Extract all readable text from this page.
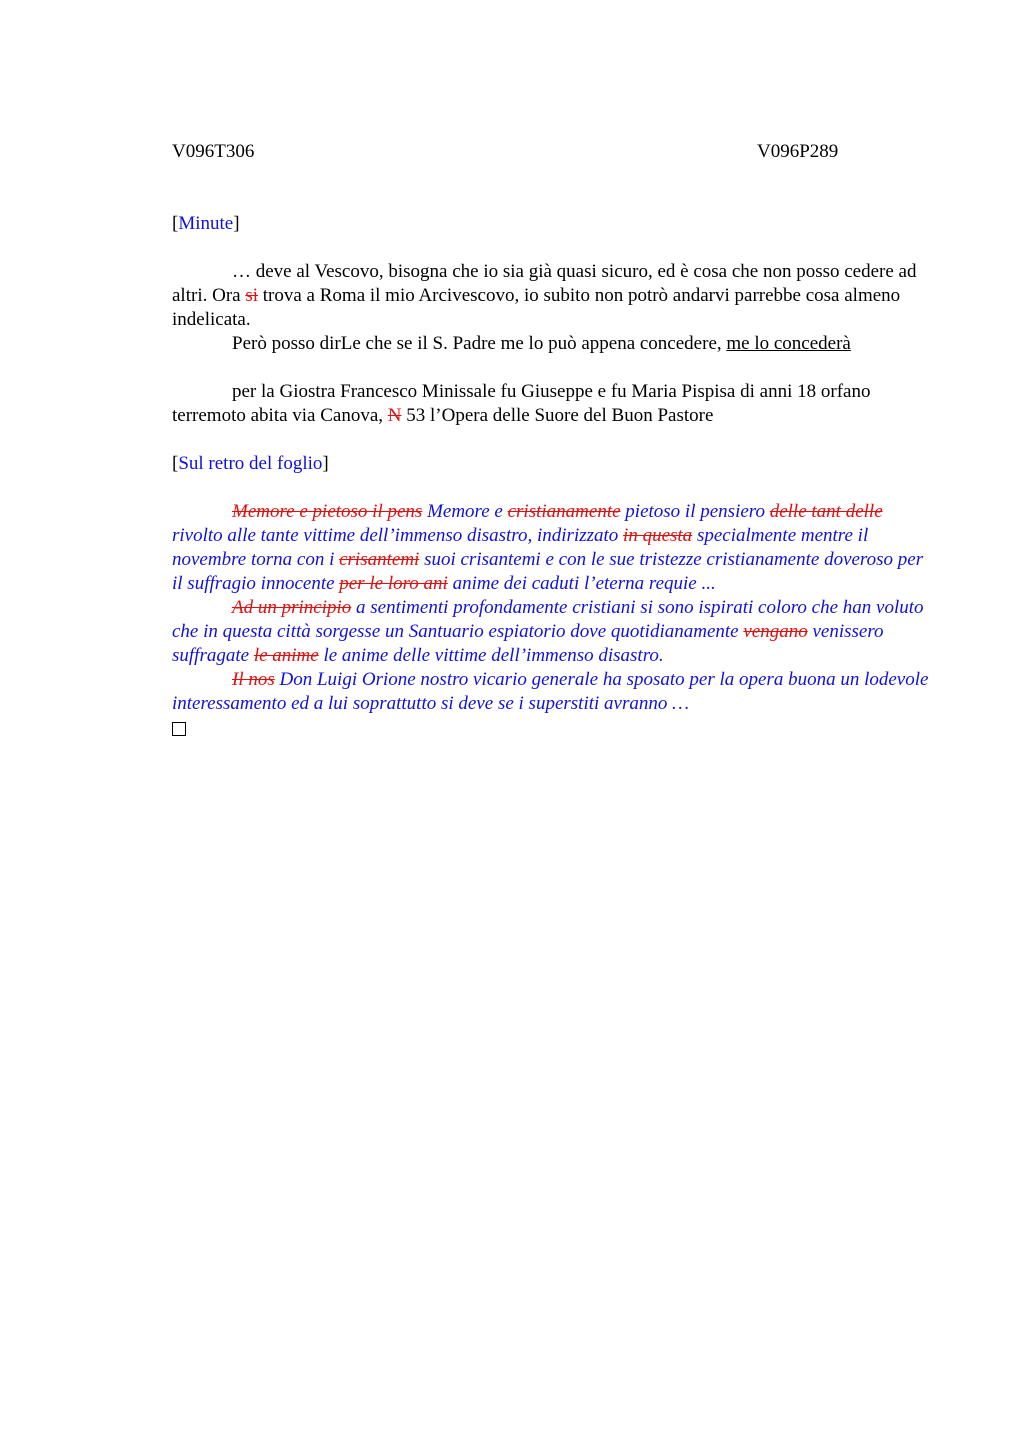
V096T306	V096P289
[Minute]

… deve al Vescovo, bisogna che io sia già quasi sicuro, ed è cosa che non posso cedere ad altri. Ora si trova a Roma il mio Arcivescovo, io subito non potrò andarvi parrebbe cosa almeno indelicata.

Però posso dirLe che se il S. Padre me lo può appena concedere, me lo concederà

per la Giostra Francesco Minissale fu Giuseppe e fu Maria Pispisa di anni 18 orfano terremoto abita via Canova, N 53 l’Opera delle Suore del Buon Pastore

[Sul retro del foglio]

Memore e pietoso il pens Memore e cristianamente pietoso il pensiero delle tant delle rivolto alle tante vittime dell’immenso disastro, indirizzato in questa specialmente mentre il novembre torna con i crisantemi suoi crisantemi e con le sue tristezze cristianamente doveroso per il suffragio innocente per le loro ani anime dei caduti l’eterna requie ...

Ad un principio a sentimenti profondamente cristiani si sono ispirati coloro che han voluto che in questa città sorgesse un Santuario espiatorio dove quotidianamente vengano venissero suffragate le anime le anime delle vittime dell’immenso disastro.

Il nos Don Luigi Orione nostro vicario generale ha sposato per la opera buona un lodevole interessamento ed a lui soprattutto si deve se i superstiti avranno …
